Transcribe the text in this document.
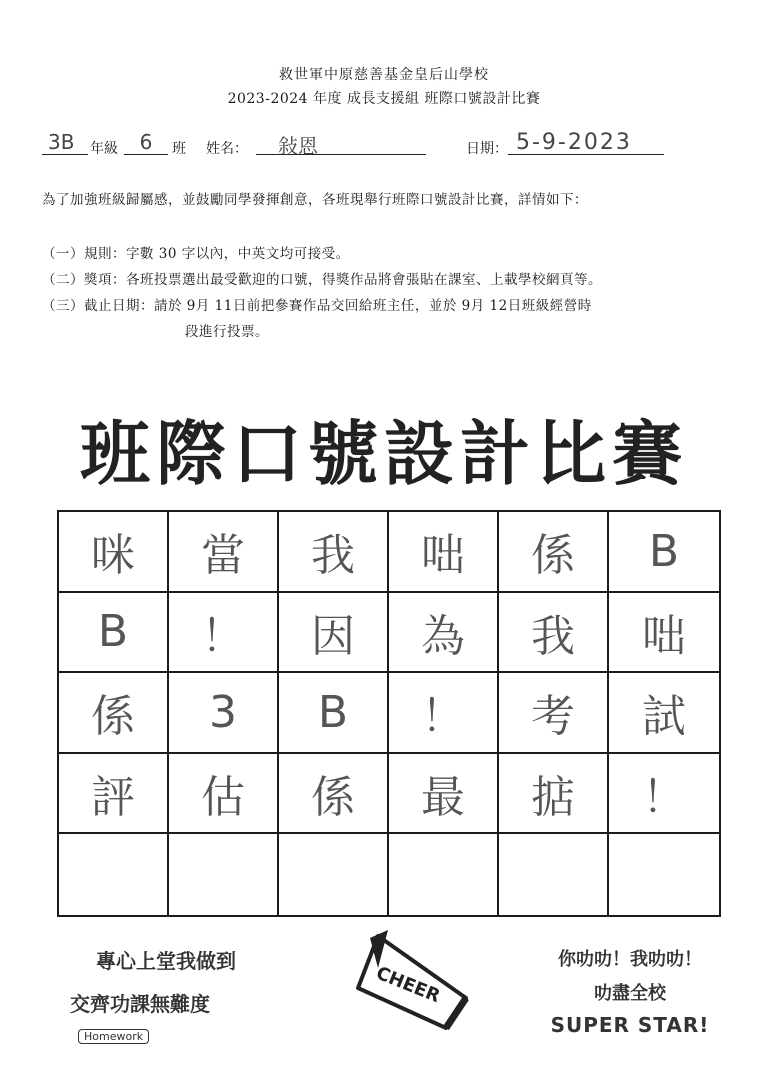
救世軍中原慈善基金皇后山學校
2023-2024 年度 成長支援組 班際口號設計比賽
3B	年級	6	班 姓名：	敍恩	日期： 5-9-2023
為了加強班級歸屬感，並鼓勵同學發揮創意，各班現舉行班際口號設計比賽，詳情如下：
（一）規則：字數 30 字以內，中英文均可接受。
（二）獎項：各班投票選出最受歡迎的口號，得獎作品將會張貼在課室、上載學校網頁等。
（三）截止日期：請於 9月 11日前把參賽作品交回給班主任，並於 9月 12日班級經營時
段進行投票。
班際口號設計比賽
咪	當	我	咄	係	B
B	！	因	為	我	咄
係	3	B	！	考	試
評	估	係	最	掂	！
專心上堂我做到
交齊功課無難度
Homework
CHEER
你叻叻！我叻叻！
叻盡全校
SUPER STAR!
